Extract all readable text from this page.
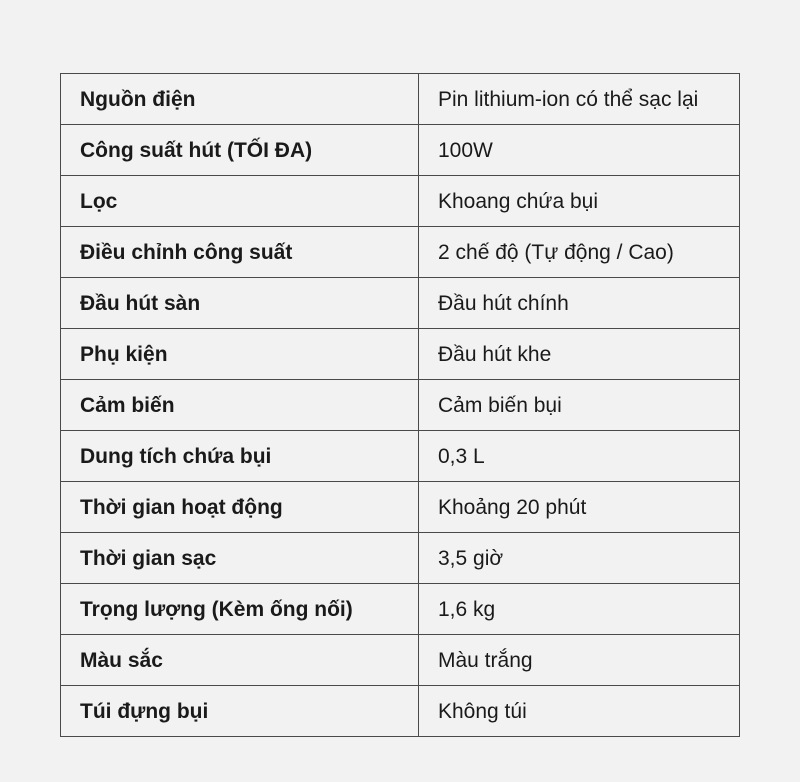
Nguồn điện	Pin lithium-ion có thể sạc lại
Công suất hút (TỐI ĐA)	100W
Lọc	Khoang chứa bụi
Điều chỉnh công suất	2 chế độ (Tự động / Cao)
Đầu hút sàn	Đầu hút chính
Phụ kiện	Đầu hút khe
Cảm biến	Cảm biến bụi
Dung tích chứa bụi	0,3 L
Thời gian hoạt động	Khoảng 20 phút
Thời gian sạc	3,5 giờ
Trọng lượng (Kèm ống nối)	1,6 kg
Màu sắc	Màu trắng
Túi đựng bụi	Không túi
